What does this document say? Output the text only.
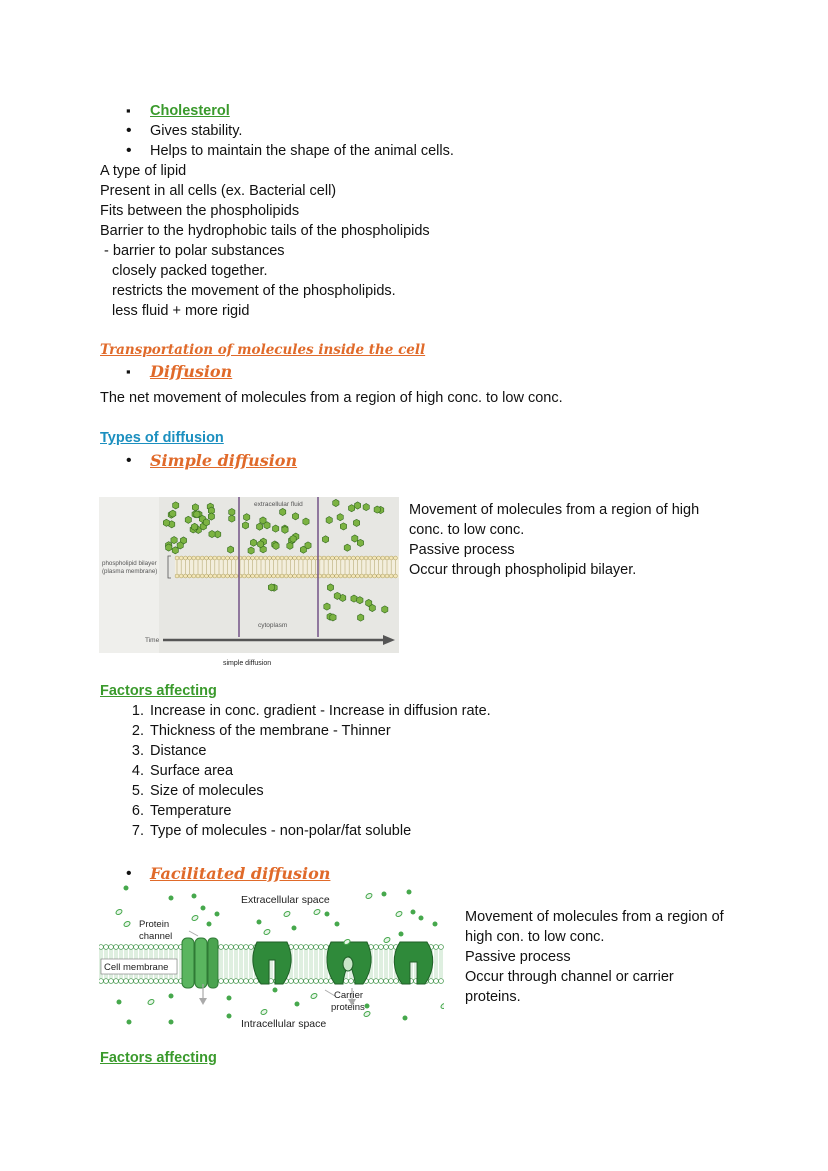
▪ Cholesterol
• Gives stability.
• Helps to maintain the shape of the animal cells.
A type of lipid
Present in all cells (ex. Bacterial cell)
Fits between the phospholipids
Barrier to the hydrophobic tails of the phospholipids
- barrier to polar substances
closely packed together.
restricts the movement of the phospholipids.
less fluid + more rigid
Transportation of molecules inside the cell
▪ Diffusion
The net movement of molecules from a region of high conc. to low conc.
Types of diffusion
• Simple diffusion
extracellular fluid
phospholipid bilayer
(plasma membrane)
cytoplasm
Time
simple diffusion
Movement of molecules from a region of high
conc. to low conc.
Passive process
Occur through phospholipid bilayer.
Factors affecting
1. Increase in conc. gradient - Increase in diffusion rate.
2. Thickness of the membrane - Thinner
3. Distance
4. Surface area
5. Size of molecules
6. Temperature
7. Type of molecules - non-polar/fat soluble
• Facilitated diffusion
Extracellular space
Protein
channel
Cell membrane
Carrier
proteins
Intracellular space
Movement of molecules from a region of
high con. to low conc.
Passive process
Occur through channel or carrier
proteins.
Factors affecting
